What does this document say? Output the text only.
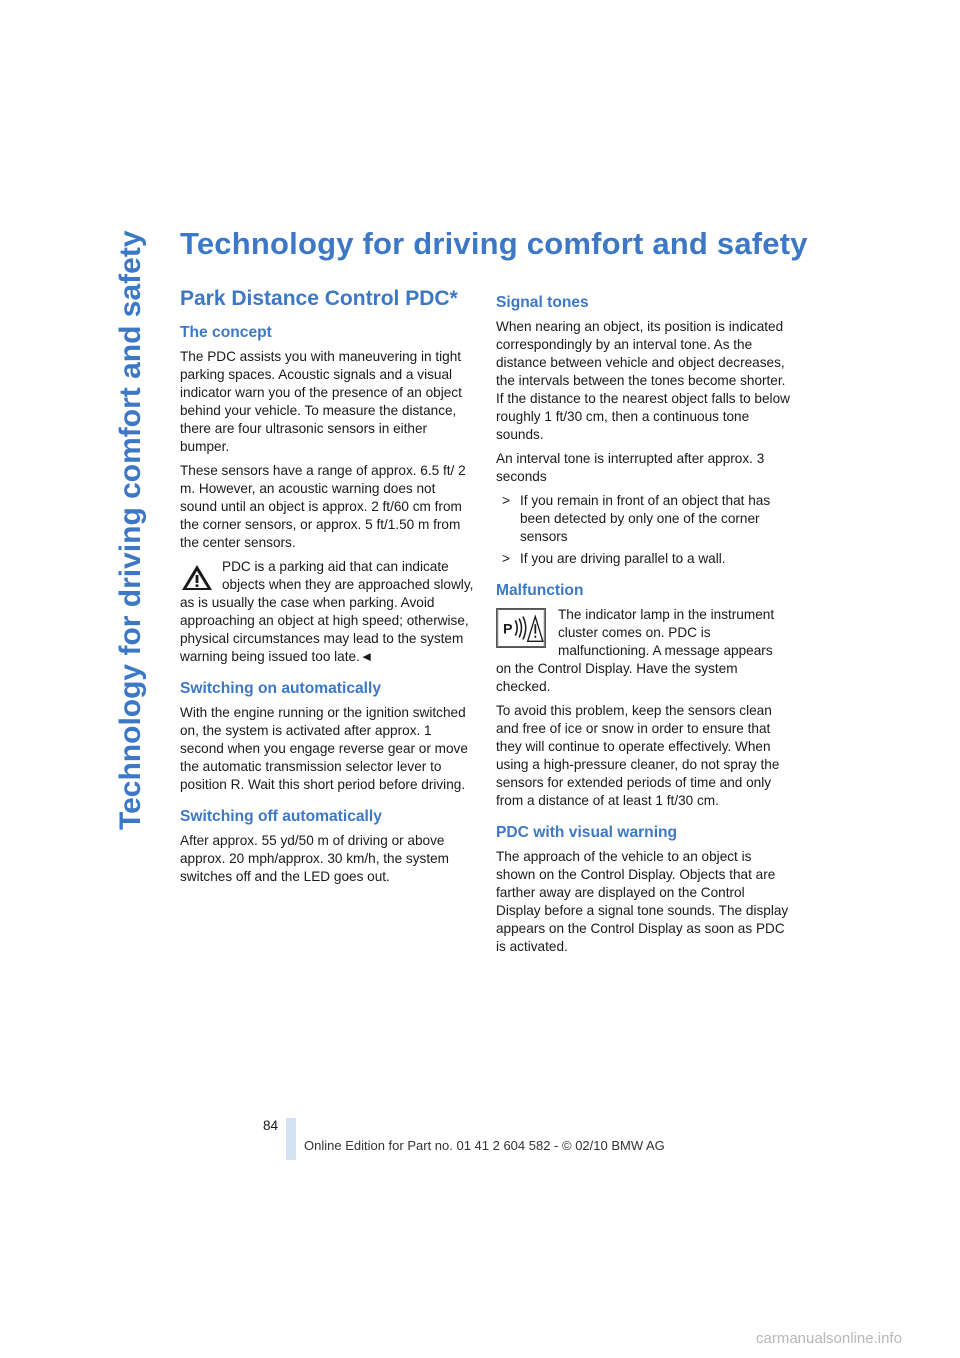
Technology for driving comfort and safety Technology for driving comfort and safety
Park Distance Control PDC*
The concept

The PDC assists you with maneuvering in tight parking spaces. Acoustic signals and a visual indicator warn you of the presence of an object behind your vehicle. To measure the distance, there are four ultrasonic sensors in either bumper.

These sensors have a range of approx. 6.5 ft/ 2 m. However, an acoustic warning does not sound until an object is approx. 2 ft/60 cm from the corner sensors, or approx. 5 ft/1.50 m from the center sensors.

PDC is a parking aid that can indicate objects when they are approached slowly, as is usually the case when parking. Avoid approaching an object at high speed; otherwise, physical circumstances may lead to the system warning being issued too late.◄

Switching on automatically

With the engine running or the ignition switched on, the system is activated after approx. 1 second when you engage reverse gear or move the automatic transmission selector lever to position R. Wait this short period before driving.

Switching off automatically

After approx. 55 yd/50 m of driving or above approx. 20 mph/approx. 30 km/h, the system switches off and the LED goes out.

Signal tones

When nearing an object, its position is indicated correspondingly by an interval tone. As the distance between vehicle and object decreases, the intervals between the tones become shorter. If the distance to the nearest object falls to below roughly 1 ft/30 cm, then a continuous tone sounds.

An interval tone is interrupted after approx. 3 seconds

> If you remain in front of an object that has been detected by only one of the corner sensors
> If you are driving parallel to a wall.
Malfunction

P
The indicator lamp in the instrument cluster comes on. PDC is malfunctioning. A message appears on the Control Display. Have the system checked.

To avoid this problem, keep the sensors clean and free of ice or snow in order to ensure that they will continue to operate effectively. When using a high-pressure cleaner, do not spray the sensors for extended periods of time and only from a distance of at least 1 ft/30 cm.

PDC with visual warning

The approach of the vehicle to an object is shown on the Control Display. Objects that are farther away are displayed on the Control Display before a signal tone sounds. The display appears on the Control Display as soon as PDC is activated.

84
Online Edition for Part no. 01 41 2 604 582 - © 02/10 BMW AG
carmanualsonline.info
